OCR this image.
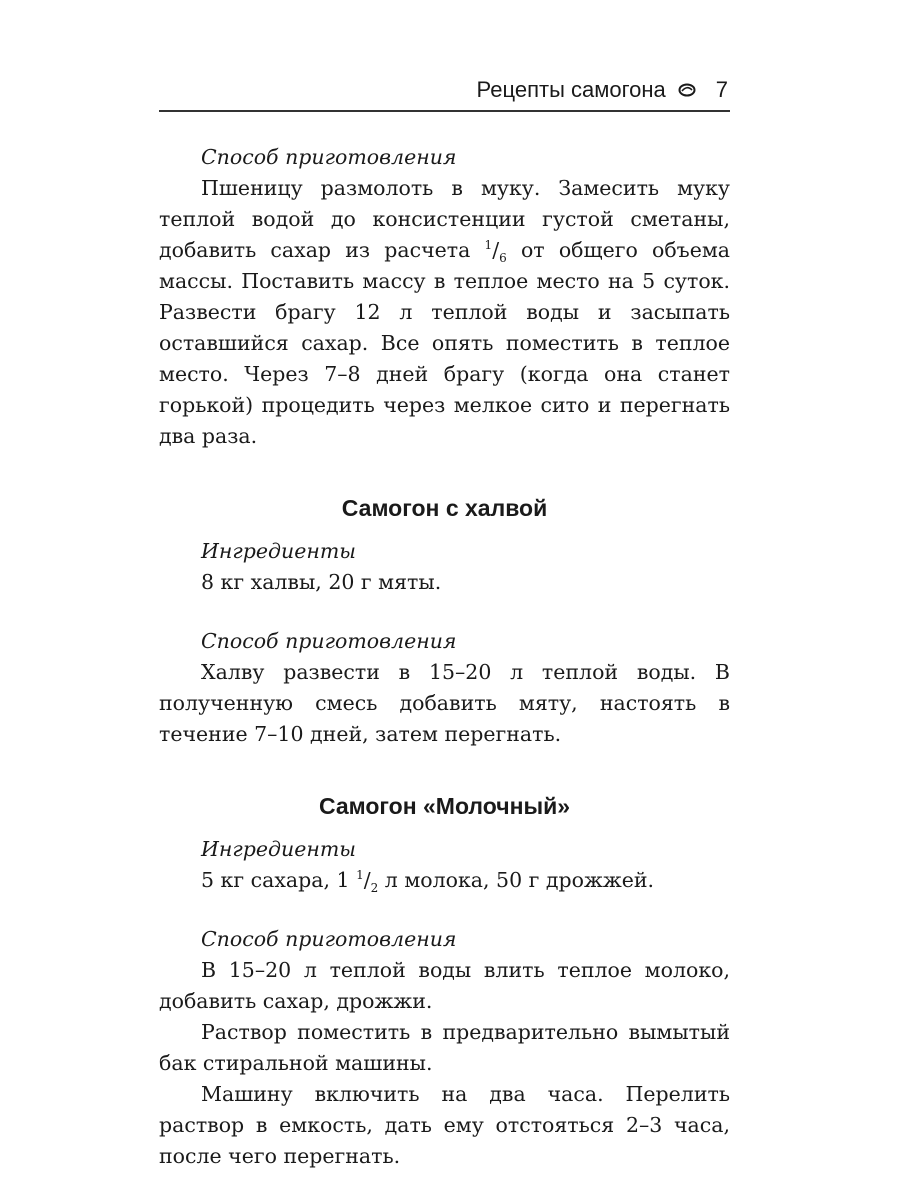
Рецепты самогона 7

Способ приготовления

Пшеницу размолоть в муку. Замесить муку теплой водой до консистенции густой сметаны, добавить сахар из расчета $^1/_6$ от общего объема массы. Поставить массу в теплое место на 5 суток. Развести брагу 12 л теплой воды и засыпать оставшийся сахар. Все опять поместить в теплое место. Через 7–8 дней брагу (когда она станет горькой) процедить через мелкое сито и перегнать два раза.

Самогон с халвой

Ингредиенты

8 кг халвы, 20 г мяты.

Способ приготовления

Халву развести в 15–20 л теплой воды. В полученную смесь добавить мяту, настоять в течение 7–10 дней, затем перегнать.

Самогон «Молочный»

Ингредиенты

5 кг сахара, 1 $^1/_2$ л молока, 50 г дрожжей.

Способ приготовления

В 15–20 л теплой воды влить теплое молоко, добавить сахар, дрожжи.

Раствор поместить в предварительно вымытый бак стиральной машины.

Машину включить на два часа. Перелить раствор в емкость, дать ему отстояться 2–3 часа, после чего перегнать.
